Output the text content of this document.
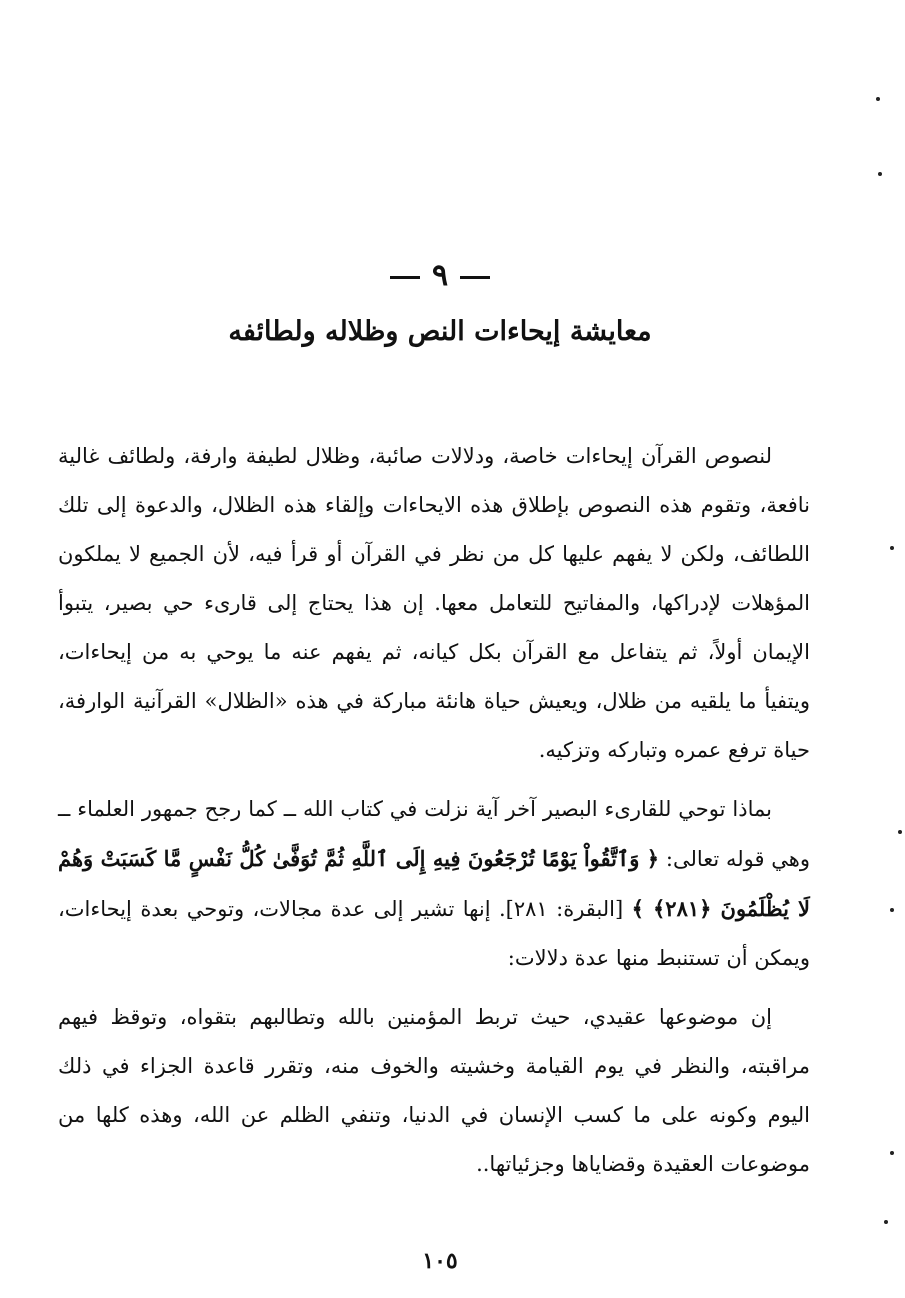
٩
معايشة إيحاءات النص وظلاله ولطائفه

لنصوص القرآن إيحاءات خاصة، ودلالات صائبة، وظلال لطيفة وارفة، ولطائف غالية نافعة، وتقوم هذه النصوص بإطلاق هذه الايحاءات وإلقاء هذه الظلال، والدعوة إلى تلك اللطائف، ولكن لا يفهم عليها كل من نظر في القرآن أو قرأ فيه، لأن الجميع لا يملكون المؤهلات لإدراكها، والمفاتيح للتعامل معها. إن هذا يحتاج إلى قارىء حي بصير، يتبوأ الإيمان أولاً، ثم يتفاعل مع القرآن بكل كيانه، ثم يفهم عنه ما يوحي به من إيحاءات، ويتفيأ ما يلقيه من ظلال، ويعيش حياة هانئة مباركة في هذه «الظلال» القرآنية الوارفة، حياة ترفع عمره وتباركه وتزكيه.

بماذا توحي للقارىء البصير آخر آية نزلت في كتاب الله ــ كما رجح جمهور العلماء ــ وهي قوله تعالى: ﴿ وَٱتَّقُواْ يَوْمًا تُرْجَعُونَ فِيهِ إِلَى ٱللَّهِ ثُمَّ تُوَفَّىٰ كُلُّ نَفْسٍ مَّا كَسَبَتْ وَهُمْ لَا يُظْلَمُونَ ﴿٢٨١﴾ ﴾ [البقرة: ٢٨١]. إنها تشير إلى عدة مجالات، وتوحي بعدة إيحاءات، ويمكن أن تستنبط منها عدة دلالات:

إن موضوعها عقيدي، حيث تربط المؤمنين بالله وتطالبهم بتقواه، وتوقظ فيهم مراقبته، والنظر في يوم القيامة وخشيته والخوف منه، وتقرر قاعدة الجزاء في ذلك اليوم وكونه على ما كسب الإنسان في الدنيا، وتنفي الظلم عن الله، وهذه كلها من موضوعات العقيدة وقضاياها وجزئياتها..

١٠٥
